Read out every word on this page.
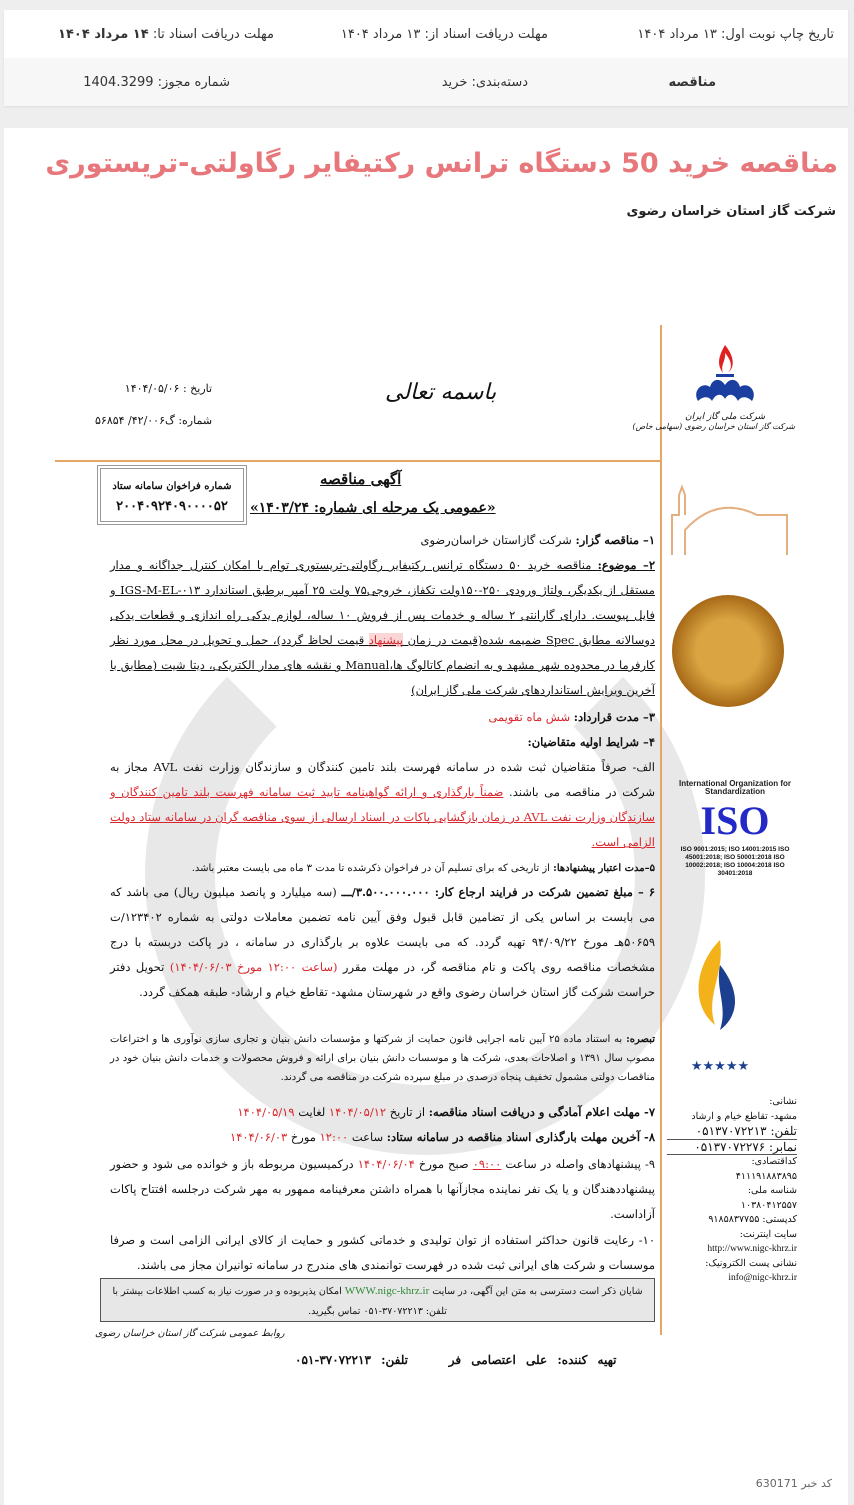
تاریخ چاپ نوبت اول: ۱۳ مرداد ۱۴۰۴
مهلت دریافت اسناد از: ۱۳ مرداد ۱۴۰۴
مهلت دریافت اسناد تا: ۱۴ مرداد ۱۴۰۴
مناقصه
دسته‌بندی: خرید
شماره مجوز: 1404.3299
مناقصه خرید 50 دستگاه ترانس رکتیفایر رگاولتی-تریستوری
شرکت گاز استان خراسان رضوی
کد خبر 630171
شرکت ملی گاز ایران
شرکت گاز استان خراسان رضوی (سهامی خاص)
International Organization for Standardization
ISO
ISO 9001:2015; ISO 14001:2015 ISO 45001:2018; ISO 50001:2018 ISO 10002:2018; ISO 10004:2018 ISO 30401:2018
★★★★★
نشانی:
مشهد- تقاطع خیام و ارشاد
تلفن: ۰۵۱۳۷۰۷۲۲۱۳
نمابر: ۰۵۱۳۷۰۷۲۲۷۶
کداقتصادی:
۴۱۱۱۹۱۸۸۳۸۹۵
شناسه ملی:
۱۰۳۸۰۴۱۲۵۵۷
کدپستی: ۹۱۸۵۸۳۷۷۵۵
سایت اینترنت:
http://www.nigc-khrz.ir
نشانی پست الکترونیک:
info@nigc-khrz.ir
باسمه تعالی
تاریخ : ۱۴۰۴/۰۵/۰۶
شماره: گ۴۲/۰۰۶/ ۵۶۸۵۴
آگهی مناقصه
«عمومی یک مرحله ای شماره: ۱۴۰۳/۲۴»
شماره فراخوان سامانه ستاد
۲۰۰۴۰۹۲۴۰۹۰۰۰۰۵۲
۱– مناقصه گزار: شرکت گازاستان خراسان‌رضوی
۲– موضوع: مناقصه خرید ۵۰ دستگاه ترانس رکتیفایر رگاولتی-تریستوری توام با امکان کنترل جداگانه و مدار مستقل از یکدیگر، ولتاژ ورودی ۲۵۰-۱۵۰ولت تکفاز، خروجی۷۵ ولت ۲۵ آمپر برطبق استاندارد IGS-M-EL-۰۱۳ و فایل پیوست. دارای گارانتی ۲ ساله و خدمات پس از فروش ۱۰ ساله، لوازم یدکی راه اندازی و قطعات یدکی دوسالانه مطابق Spec ضمیمه شده(قیمت در زمان پیشنهاد قیمت لحاظ گردد)، حمل و تحویل در محل مورد نظر کارفرما در محدوده شهر مشهد و به انضمام کاتالوگ ها،Manual و نقشه های مدار الکتریکی، دیتا شیت (مطابق با آخرین ویرایش استانداردهای شرکت ملی گاز ایران)
۳– مدت قرارداد: شش ماه تقویمی
۴– شرایط اولیه متقاضیان:
الف- صرفاً متقاضیان ثبت شده در سامانه فهرست بلند تامین کنندگان و سازندگان وزارت نفت AVL مجاز به شرکت در مناقصه می باشند. ضمناً بارگذاری و ارائه گواهینامه تایید ثبت سامانه فهرست بلند تامین کنندگان و سازندگان وزارت نفت AVL در زمان بازگشایی پاکات در اسناد ارسالی از سوی مناقصه گران در سامانه ستاد دولت الزامی است.
۵–مدت اعتبار پیشنهادها: از تاریخی که برای تسلیم آن در فراخوان ذکرشده تا مدت ۳ ماه می بایست معتبر باشد.
۶ – مبلغ تضمین شرکت در فرایند ارجاع کار: ۳.۵۰۰.۰۰۰.۰۰۰/ـــ (سه میلیارد و پانصد میلیون ریال) می باشد که می بایست بر اساس یکی از تضامین قابل قبول وفق آیین نامه تضمین معاملات دولتی به شماره ۱۲۳۴۰۲/ت ۵۰۶۵۹هـ مورخ ۹۴/۰۹/۲۲ تهیه گردد. که می بایست علاوه بر بارگذاری در سامانه ، در پاکت دربسته با درج مشخصات مناقصه روی پاکت و نام مناقصه گر، در مهلت مقرر (ساعت ۱۲:۰۰ مورخ ۱۴۰۴/۰۶/۰۳) تحویل دفتر حراست شرکت گاز استان خراسان رضوی واقع در شهرستان مشهد- تقاطع خیام و ارشاد- طبقه همکف گردد.
تبصره: به استناد ماده ۲۵ آیین نامه اجرایی قانون حمایت از شرکتها و مؤسسات دانش بنیان و تجاری سازی نوآوری ها و اختراعات مصوب سال ۱۳۹۱ و اصلاحات بعدی، شرکت ها و موسسات دانش بنیان برای ارائه و فروش محصولات و خدمات دانش بنیان خود در مناقصات دولتی مشمول تخفیف پنجاه درصدی در مبلغ سپرده شرکت در مناقصه می گردند.
۷- مهلت اعلام آمادگی و دریافت اسناد مناقصه: از تاریخ ۱۴۰۴/۰۵/۱۲ لغایت ۱۴۰۴/۰۵/۱۹
۸- آخرین مهلت بارگذاری اسناد مناقصه در سامانه ستاد: ساعت ۱۲:۰۰ مورخ ۱۴۰۴/۰۶/۰۳
۹- پیشنهادهای واصله در ساعت ۰۹:۰۰ صبح مورخ ۱۴۰۴/۰۶/۰۴ درکمیسیون مربوطه باز و خوانده می شود و حضور پیشنهاددهندگان و یا یک نفر نماینده مجازآنها با همراه داشتن معرفینامه ممهور به مهر شرکت درجلسه افتتاح پاکات آزاداست.
۱۰- رعایت قانون حداکثر استفاده از توان تولیدی و خدماتی کشور و حمایت از کالای ایرانی الزامی است و صرفا موسسات و شرکت های ایرانی ثبت شده در فهرست توانمندی های مندرج در سامانه توانیران مجاز می باشند.
شایان ذکر است دسترسی به متن این آگهی، در سایت WWW.nigc-khrz.ir امکان پذیربوده و در صورت نیاز به کسب اطلاعات بیشتر با تلفن: ۳۷۰۷۲۲۱۳-۰۵۱ تماس بگیرید.
روابط عمومی شرکت گاز استان خراسان رضوی
تهیه کننده: علی اعتصامی فر    تلفن: ۳۷۰۷۲۲۱۳-۰۵۱
